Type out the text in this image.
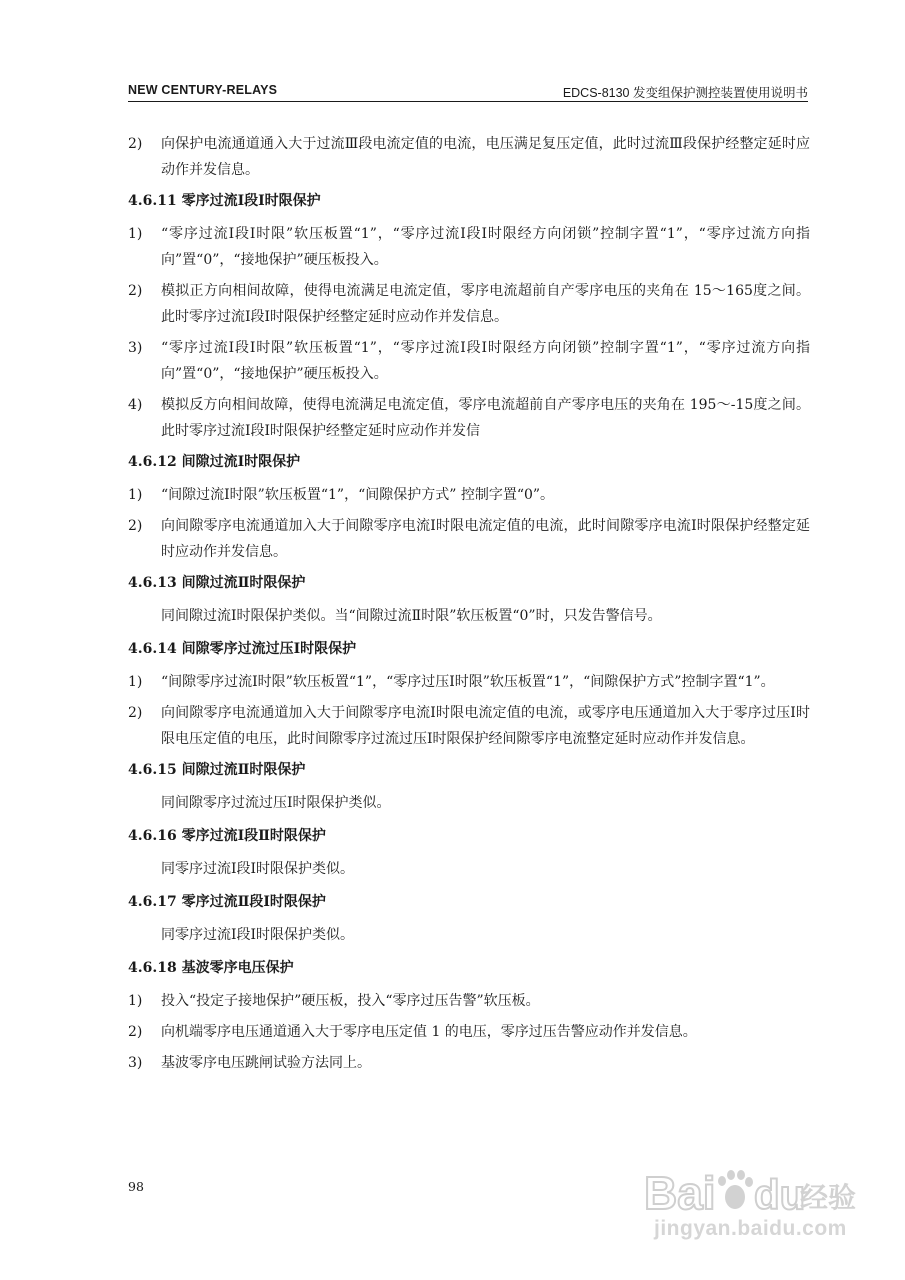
NEW CENTURY-RELAYS	EDCS-8130 发变组保护测控装置使用说明书
2)	向保护电流通道通入大于过流Ⅲ段电流定值的电流，电压满足复压定值，此时过流Ⅲ段保护经整定延时应动作并发信息。
4.6.11 零序过流Ⅰ段Ⅰ时限保护
1)	“零序过流Ⅰ段Ⅰ时限”软压板置“1”，“零序过流Ⅰ段Ⅰ时限经方向闭锁”控制字置“1”，“零序过流方向指向”置“0”，“接地保护”硬压板投入。
2)	模拟正方向相间故障，使得电流满足电流定值，零序电流超前自产零序电压的夹角在 15～165度之间。此时零序过流Ⅰ段Ⅰ时限保护经整定延时应动作并发信息。
3)	“零序过流Ⅰ段Ⅰ时限”软压板置“1”，“零序过流Ⅰ段Ⅰ时限经方向闭锁”控制字置“1”，“零序过流方向指向”置“0”，“接地保护”硬压板投入。
4)	模拟反方向相间故障，使得电流满足电流定值，零序电流超前自产零序电压的夹角在 195～-15度之间。此时零序过流Ⅰ段Ⅰ时限保护经整定延时应动作并发信
4.6.12 间隙过流Ⅰ时限保护
1)	“间隙过流Ⅰ时限”软压板置“1”，“间隙保护方式” 控制字置“0”。
2)	向间隙零序电流通道加入大于间隙零序电流Ⅰ时限电流定值的电流，此时间隙零序电流Ⅰ时限保护经整定延时应动作并发信息。
4.6.13 间隙过流Ⅱ时限保护
同间隙过流Ⅰ时限保护类似。当“间隙过流Ⅱ时限”软压板置“0”时，只发告警信号。
4.6.14 间隙零序过流过压Ⅰ时限保护
1)	“间隙零序过流Ⅰ时限”软压板置“1”，“零序过压Ⅰ时限”软压板置“1”，“间隙保护方式”控制字置“1”。
2)	向间隙零序电流通道加入大于间隙零序电流Ⅰ时限电流定值的电流，或零序电压通道加入大于零序过压Ⅰ时限电压定值的电压，此时间隙零序过流过压Ⅰ时限保护经间隙零序电流整定延时应动作并发信息。
4.6.15 间隙过流Ⅱ时限保护
同间隙零序过流过压Ⅰ时限保护类似。
4.6.16 零序过流Ⅰ段Ⅱ时限保护
同零序过流Ⅰ段Ⅰ时限保护类似。
4.6.17 零序过流Ⅱ段Ⅰ时限保护
同零序过流Ⅰ段Ⅰ时限保护类似。
4.6.18 基波零序电压保护
1)	投入“投定子接地保护”硬压板，投入“零序过压告警”软压板。
2)	向机端零序电压通道通入大于零序电压定值 1 的电压，零序过压告警应动作并发信息。
3)	基波零序电压跳闸试验方法同上。
98	Bai du
经验
jingyan.baidu.com
